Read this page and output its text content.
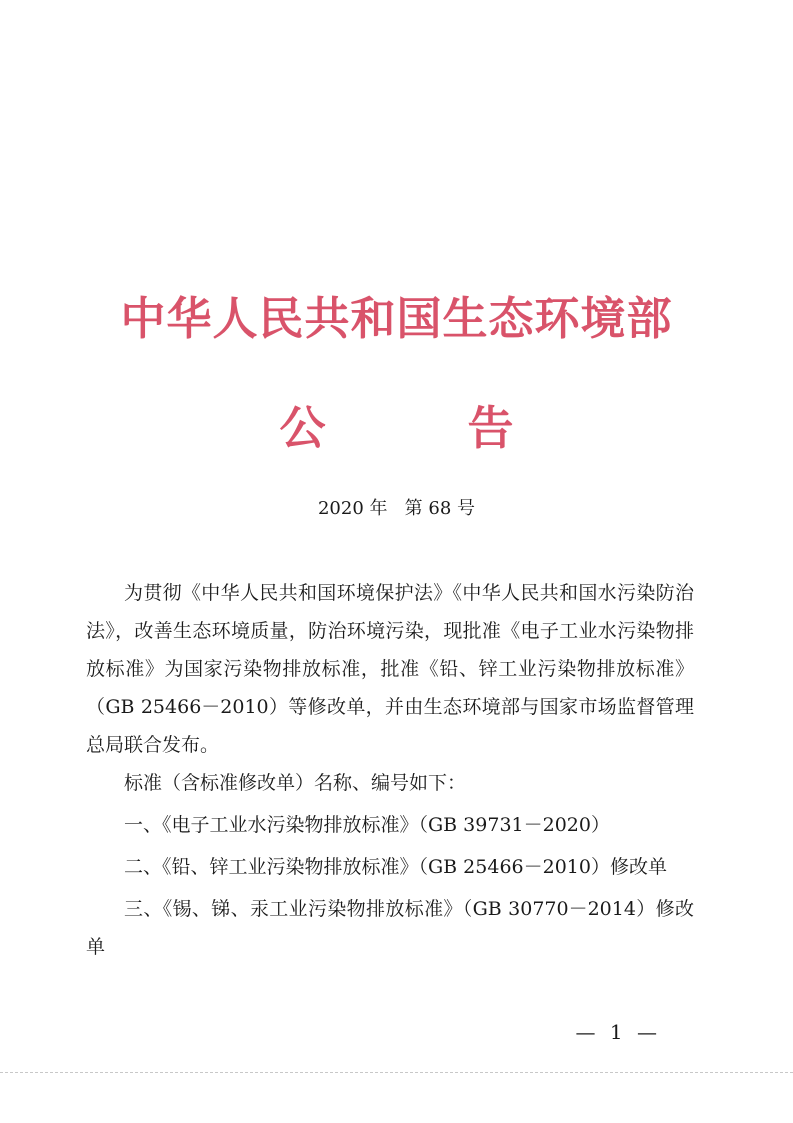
中华人民共和国生态环境部
公	告
2020 年   第 68 号

为贯彻《中华人民共和国环境保护法》《中华人民共和国水污染防治法》，改善生态环境质量，防治环境污染，现批准《电子工业水污染物排放标准》为国家污染物排放标准，批准《铅、锌工业污染物排放标准》（GB 25466－2010）等修改单，并由生态环境部与国家市场监督管理总局联合发布。

标准（含标准修改单）名称、编号如下：

一、《电子工业水污染物排放标准》（GB 39731－2020）

二、《铅、锌工业污染物排放标准》（GB 25466－2010）修改单

三、《锡、锑、汞工业污染物排放标准》（GB 30770－2014）修改单

— 1 —
